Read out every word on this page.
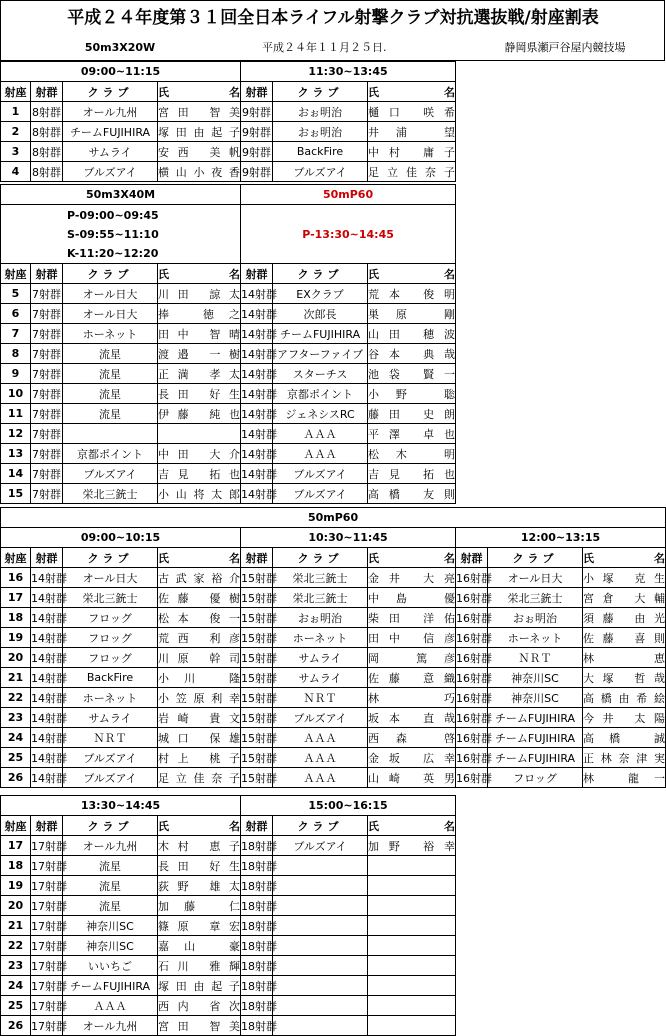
平成２４年度第３１回全日本ライフル射撃クラブ対抗選抜戦/射座割表
50m3X20W	平成２４年１１月２５日.	静岡県瀬戸谷屋内競技場
09:00~11:15				11:30~13:45		
射座	射群	クラブ	氏名	射群	クラブ	氏名
1	8射群	オール九州	宮田 智美	9射群	おぉ明治	樋口 咲希
2	8射群	チームFUJIHIRA	塚田由起子	9射群	おぉ明治	井浦 望
3	8射群	サムライ	安西 美帆	9射群	BackFire	中村 庸子
4	8射群	ブルズアイ	横山小夜香	9射群	ブルズアイ	足立佳奈子
50m3X40M				50mP60		

P-09:00~09:45
S-09:55~11:10
K-11:20~12:20				P-13:30~14:45		
射座	射群	クラブ	氏名	射群	クラブ	氏名
5	7射群	オール日大	川田 諒太	14射群	EXクラブ	荒本 俊明
6	7射群	オール日大	捧 徳之	14射群	次郎長	巣原 剛
7	7射群	ホーネット	田中 智晴	14射群	チームFUJIHIRA	山田 穂波
8	7射群	流星	渡邉 一樹	14射群	アフターファイブ	谷本 典哉
9	7射群	流星	正満 孝太	14射群	スターチス	池袋 賢一
10	7射群	流星	長田 好生	14射群	京都ポイント	小野 聡
11	7射群	流星	伊藤 純也	14射群	ジェネシスRC	藤田 史朗
12	7射群			14射群	ＡＡＡ	平澤 卓也
13	7射群	京都ポイント	中田 大介	14射群	ＡＡＡ	松木 明
14	7射群	ブルズアイ	吉見 拓也	14射群	ブルズアイ	吉見 拓也
15	7射群	栄北三銃士	小山将太郎	14射群	ブルズアイ	高橋 友則
50mP60									
09:00~10:15				10:30~11:45			12:00~13:15		
射座	射群	クラブ	氏名	射群	クラブ	氏名	射群	クラブ	氏名
16	14射群	オール日大	古武家裕介	15射群	栄北三銃士	金井 大亮	16射群	オール日大	小塚 克生
17	14射群	栄北三銃士	佐藤 優樹	15射群	栄北三銃士	中島 優	16射群	栄北三銃士	宮倉 大輔
18	14射群	フロッグ	松本 俊一	15射群	おぉ明治	柴田 洋佑	16射群	おぉ明治	須藤 由光
19	14射群	フロッグ	荒西 利彦	15射群	ホーネット	田中 信彦	16射群	ホーネット	佐藤 喜則
20	14射群	フロッグ	川原 幹司	15射群	サムライ	岡 篤彦	16射群	ＮＲＴ	林 恵
21	14射群	BackFire	小川 隆	15射群	サムライ	佐藤 意織	16射群	神奈川SC	大塚 哲哉
22	14射群	ホーネット	小笠原利幸	15射群	ＮＲＴ	林 巧	16射群	神奈川SC	高橋由希絵
23	14射群	サムライ	岩崎 貴文	15射群	ブルズアイ	坂本 直哉	16射群	チームFUJIHIRA	今井 太陽
24	14射群	ＮＲＴ	城口 保雄	15射群	ＡＡＡ	西森 啓	16射群	チームFUJIHIRA	高橋 誠
25	14射群	ブルズアイ	村上 桃子	15射群	ＡＡＡ	金坂 広幸	16射群	チームFUJIHIRA	正林奈津実
26	14射群	ブルズアイ	足立佳奈子	15射群	ＡＡＡ	山崎 英男	16射群	フロッグ	林 龍一
13:30~14:45				15:00~16:15		
射座	射群	クラブ	氏名	射群	クラブ	氏名
17	17射群	オール九州	木村 恵子	18射群	ブルズアイ	加野 裕幸
18	17射群	流星	長田 好生	18射群		
19	17射群	流星	荻野 雄太	18射群		
20	17射群	流星	加藤 仁	18射群		
21	17射群	神奈川SC	篠原 章宏	18射群		
22	17射群	神奈川SC	嘉山 豪	18射群		
23	17射群	いいちご	石川 雅輝	18射群		
24	17射群	チームFUJIHIRA	塚田由起子	18射群		
25	17射群	ＡＡＡ	西内 省次	18射群		
26	17射群	オール九州	宮田 智美	18射群		
